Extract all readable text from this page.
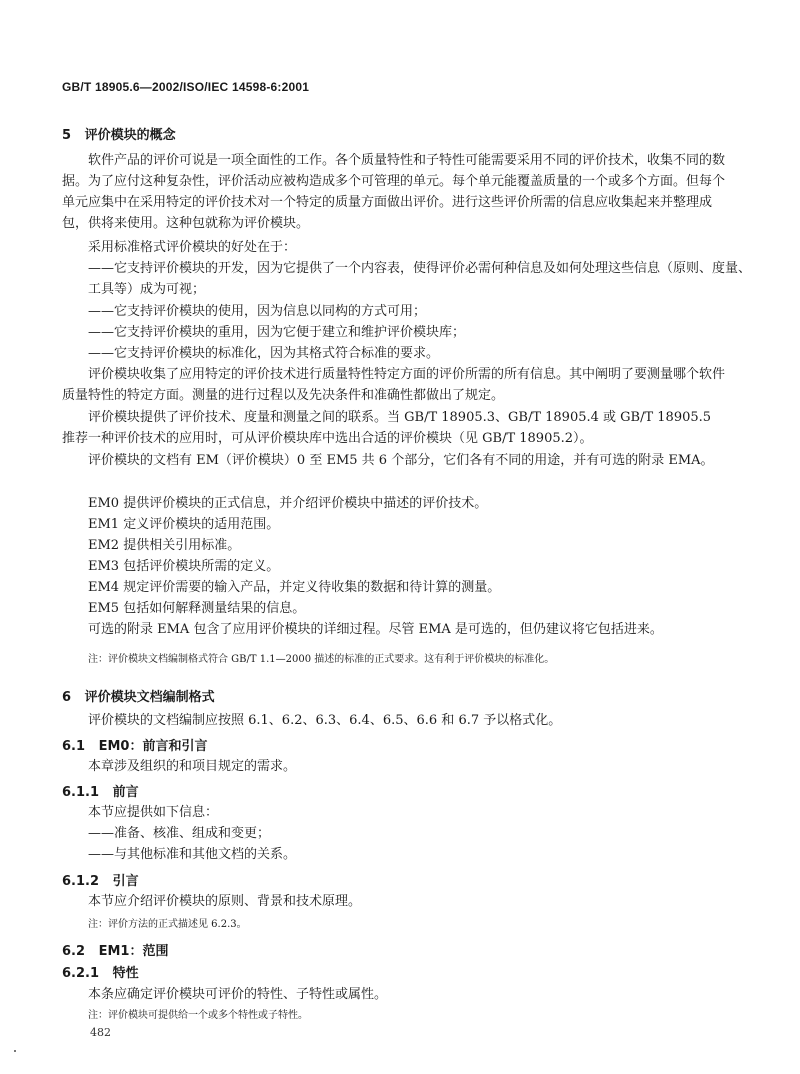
GB/T 18905.6—2002/ISO/IEC 14598-6:2001
5 评价模块的概念
软件产品的评价可说是一项全面性的工作。各个质量特性和子特性可能需要采用不同的评价技术，收集不同的数据。为了应付这种复杂性，评价活动应被构造成多个可管理的单元。每个单元能覆盖质量的一个或多个方面。但每个单元应集中在采用特定的评价技术对一个特定的质量方面做出评价。进行这些评价所需的信息应收集起来并整理成包，供将来使用。这种包就称为评价模块。
采用标准格式评价模块的好处在于：
——它支持评价模块的开发，因为它提供了一个内容表，使得评价必需何种信息及如何处理这些信息（原则、度量、工具等）成为可视；
——它支持评价模块的使用，因为信息以同构的方式可用；
——它支持评价模块的重用，因为它便于建立和维护评价模块库；
——它支持评价模块的标准化，因为其格式符合标准的要求。
评价模块收集了应用特定的评价技术进行质量特性特定方面的评价所需的所有信息。其中阐明了要测量哪个软件质量特性的特定方面。测量的进行过程以及先决条件和准确性都做出了规定。
评价模块提供了评价技术、度量和测量之间的联系。当 GB/T 18905.3、GB/T 18905.4 或 GB/T 18905.5 推荐一种评价技术的应用时，可从评价模块库中选出合适的评价模块（见 GB/T 18905.2）。
评价模块的文档有 EM（评价模块）0 至 EM5 共 6 个部分，它们各有不同的用途，并有可选的附录 EMA。
EM0 提供评价模块的正式信息，并介绍评价模块中描述的评价技术。
EM1 定义评价模块的适用范围。
EM2 提供相关引用标准。
EM3 包括评价模块所需的定义。
EM4 规定评价需要的输入产品，并定义待收集的数据和待计算的测量。
EM5 包括如何解释测量结果的信息。
可选的附录 EMA 包含了应用评价模块的详细过程。尽管 EMA 是可选的，但仍建议将它包括进来。
注：评价模块文档编制格式符合 GB/T 1.1—2000 描述的标准的正式要求。这有利于评价模块的标准化。
6 评价模块文档编制格式
评价模块的文档编制应按照 6.1、6.2、6.3、6.4、6.5、6.6 和 6.7 予以格式化。
6.1 EM0：前言和引言
本章涉及组织的和项目规定的需求。
6.1.1 前言
本节应提供如下信息：
——准备、核准、组成和变更；
——与其他标准和其他文档的关系。
6.1.2 引言
本节应介绍评价模块的原则、背景和技术原理。
注：评价方法的正式描述见 6.2.3。
6.2 EM1：范围
6.2.1 特性
本条应确定评价模块可评价的特性、子特性或属性。
注：评价模块可提供给一个或多个特性或子特性。
482
